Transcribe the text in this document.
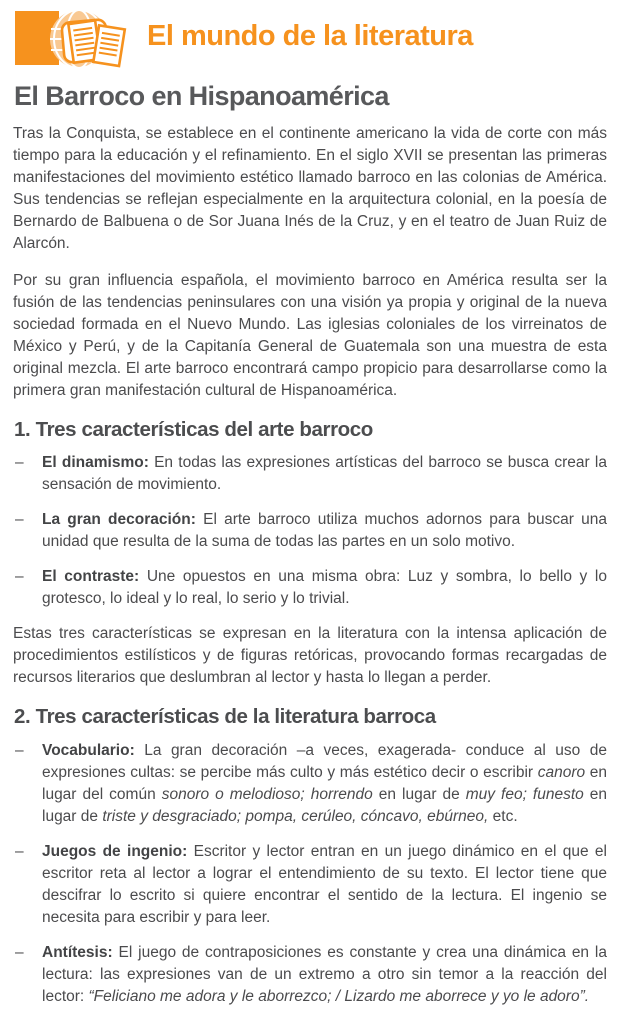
El mundo de la literatura
El Barroco en Hispanoamérica

Tras la Conquista, se establece en el continente americano la vida de corte con más tiempo para la educación y el refinamiento. En el siglo XVII se presentan las primeras manifestaciones del movimiento estético llamado barroco en las colonias de América. Sus tendencias se reflejan especialmente en la arquitectura colonial, en la poesía de Bernardo de Balbuena o de Sor Juana Inés de la Cruz, y en el teatro de Juan Ruiz de Alarcón.

Por su gran influencia española, el movimiento barroco en América resulta ser la fusión de las tendencias peninsulares con una visión ya propia y original de la nueva sociedad formada en el Nuevo Mundo. Las iglesias coloniales de los virreinatos de México y Perú, y de la Capitanía General de Guatemala son una muestra de esta original mezcla. El arte barroco encontrará campo propicio para desarrollarse como la primera gran manifestación cultural de Hispanoamérica.

1. Tres características del arte barroco
–	El dinamismo: En todas las expresiones artísticas del barroco se busca crear la sensación de movimiento.
–	La gran decoración: El arte barroco utiliza muchos adornos para buscar una unidad que resulta de la suma de todas las partes en un solo motivo.
–	El contraste: Une opuestos en una misma obra: Luz y sombra, lo bello y lo grotesco, lo ideal y lo real, lo serio y lo trivial.

Estas tres características se expresan en la literatura con la intensa aplicación de procedimientos estilísticos y de figuras retóricas, provocando formas recargadas de recursos literarios que deslumbran al lector y hasta lo llegan a perder.

2. Tres características de la literatura barroca
–	Vocabulario: La gran decoración –a veces, exagerada- conduce al uso de expresiones cultas: se percibe más culto y más estético decir o escribir canoro en lugar del común sonoro o melodioso; horrendo en lugar de muy feo; funesto en lugar de triste y desgraciado; pompa, cerúleo, cóncavo, ebúrneo, etc.
–	Juegos de ingenio: Escritor y lector entran en un juego dinámico en el que el escritor reta al lector a lograr el entendimiento de su texto. El lector tiene que descifrar lo escrito si quiere encontrar el sentido de la lectura. El ingenio se necesita para escribir y para leer.
–	Antítesis: El juego de contraposiciones es constante y crea una dinámica en la lectura: las expresiones van de un extremo a otro sin temor a la reacción del lector: “Feliciano me adora y le aborrezco; / Lizardo me aborrece y yo le adoro”.
